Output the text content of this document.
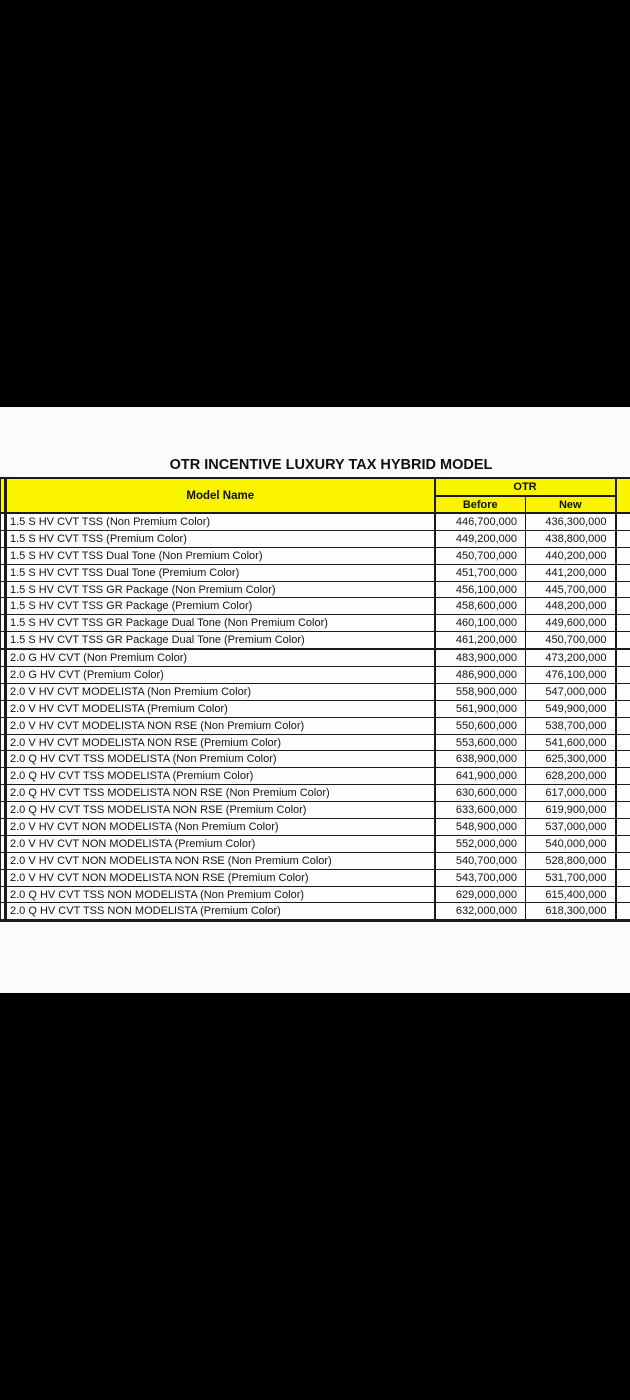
OTR INCENTIVE LUXURY TAX HYBRID MODEL
	Model Name	OTR		
		Before	New	
	1.5 S HV CVT TSS (Non Premium Color)	446,700,000	436,300,000	
	1.5 S HV CVT TSS (Premium Color)	449,200,000	438,800,000	
	1.5 S HV CVT TSS Dual Tone (Non Premium Color)	450,700,000	440,200,000	
	1.5 S HV CVT TSS Dual Tone (Premium Color)	451,700,000	441,200,000	
	1.5 S HV CVT TSS GR Package (Non Premium Color)	456,100,000	445,700,000	
	1.5 S HV CVT TSS GR Package (Premium Color)	458,600,000	448,200,000	
	1.5 S HV CVT TSS GR Package Dual Tone (Non Premium Color)	460,100,000	449,600,000	
	1.5 S HV CVT TSS GR Package Dual Tone (Premium Color)	461,200,000	450,700,000	
	2.0 G HV CVT (Non Premium Color)	483,900,000	473,200,000	
	2.0 G HV CVT (Premium Color)	486,900,000	476,100,000	
	2.0 V HV CVT MODELISTA (Non Premium Color)	558,900,000	547,000,000	
	2.0 V HV CVT MODELISTA (Premium Color)	561,900,000	549,900,000	
	2.0 V HV CVT MODELISTA NON RSE (Non Premium Color)	550,600,000	538,700,000	
	2.0 V HV CVT MODELISTA NON RSE (Premium Color)	553,600,000	541,600,000	
	2.0 Q HV CVT TSS MODELISTA (Non Premium Color)	638,900,000	625,300,000	
	2.0 Q HV CVT TSS MODELISTA (Premium Color)	641,900,000	628,200,000	
	2.0 Q HV CVT TSS MODELISTA NON RSE (Non Premium Color)	630,600,000	617,000,000	
	2.0 Q HV CVT TSS MODELISTA NON RSE (Premium Color)	633,600,000	619,900,000	
	2.0 V HV CVT NON MODELISTA (Non Premium Color)	548,900,000	537,000,000	
	2.0 V HV CVT NON MODELISTA (Premium Color)	552,000,000	540,000,000	
	2.0 V HV CVT NON MODELISTA NON RSE (Non Premium Color)	540,700,000	528,800,000	
	2.0 V HV CVT NON MODELISTA NON RSE (Premium Color)	543,700,000	531,700,000	
	2.0 Q HV CVT TSS NON MODELISTA (Non Premium Color)	629,000,000	615,400,000	
	2.0 Q HV CVT TSS NON MODELISTA (Premium Color)	632,000,000	618,300,000	
